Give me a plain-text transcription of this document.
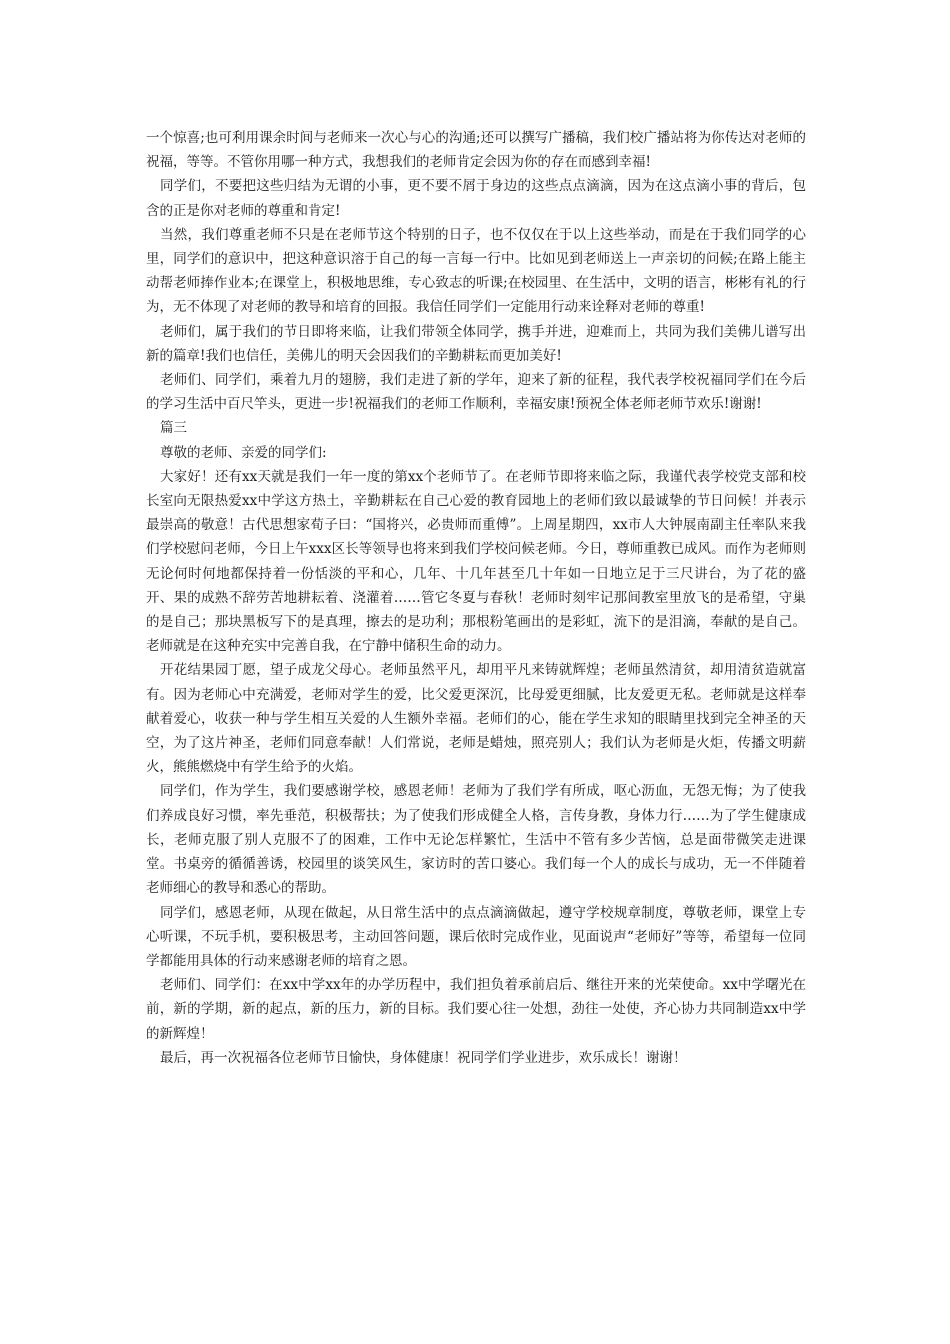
一个惊喜;也可利用课余时间与老师来一次心与心的沟通;还可以撰写广播稿，我们校广播站将为你传达对老师的祝福，等等。不管你用哪一种方式，我想我们的老师肯定会因为你的存在而感到幸福!

同学们，不要把这些归结为无谓的小事，更不要不屑于身边的这些点点滴滴，因为在这点滴小事的背后，包含的正是你对老师的尊重和肯定!

当然，我们尊重老师不只是在老师节这个特别的日子，也不仅仅在于以上这些举动，而是在于我们同学的心里，同学们的意识中，把这种意识溶于自己的每一言每一行中。比如见到老师送上一声亲切的问候;在路上能主动帮老师捧作业本;在课堂上，积极地思维，专心致志的听课;在校园里、在生活中，文明的语言，彬彬有礼的行为，无不体现了对老师的教导和培育的回报。我信任同学们一定能用行动来诠释对老师的尊重!

老师们，属于我们的节日即将来临，让我们带领全体同学，携手并进，迎难而上，共同为我们美佛儿谱写出新的篇章!我们也信任，美佛儿的明天会因我们的辛勤耕耘而更加美好!

老师们、同学们，乘着九月的翅膀，我们走进了新的学年，迎来了新的征程，我代表学校祝福同学们在今后的学习生活中百尺竿头，更进一步!祝福我们的老师工作顺利，幸福安康!预祝全体老师老师节欢乐!谢谢!

篇三

尊敬的老师、亲爱的同学们:

大家好！还有xx天就是我们一年一度的第xx个老师节了。在老师节即将来临之际，我谨代表学校党支部和校长室向无限热爱xx中学这方热土，辛勤耕耘在自己心爱的教育园地上的老师们致以最诚挚的节日问候！并表示最崇高的敬意！古代思想家荀子曰：“国将兴，必贵师而重傅”。上周星期四，xx市人大钟展南副主任率队来我们学校慰问老师，今日上午xxx区长等领导也将来到我们学校问候老师。今日，尊师重教已成风。而作为老师则无论何时何地都保持着一份恬淡的平和心，几年、十几年甚至几十年如一日地立足于三尺讲台，为了花的盛开、果的成熟不辞劳苦地耕耘着、浇灌着……管它冬夏与春秋！老师时刻牢记那间教室里放飞的是希望，守巢的是自己；那块黑板写下的是真理，擦去的是功利；那根粉笔画出的是彩虹，流下的是泪滴，奉献的是自己。老师就是在这种充实中完善自我，在宁静中储积生命的动力。

开花结果园丁愿，望子成龙父母心。老师虽然平凡，却用平凡来铸就辉煌；老师虽然清贫，却用清贫造就富有。因为老师心中充满爱，老师对学生的爱，比父爱更深沉，比母爱更细腻，比友爱更无私。老师就是这样奉献着爱心，收获一种与学生相互关爱的人生额外幸福。老师们的心，能在学生求知的眼睛里找到完全神圣的天空，为了这片神圣，老师们同意奉献！人们常说，老师是蜡烛，照亮别人；我们认为老师是火炬，传播文明薪火，熊熊燃烧中有学生给予的火焰。

同学们，作为学生，我们要感谢学校，感恩老师！老师为了我们学有所成，呕心沥血，无怨无悔；为了使我们养成良好习惯，率先垂范，积极帮扶；为了使我们形成健全人格，言传身教，身体力行……为了学生健康成长，老师克服了别人克服不了的困难，工作中无论怎样繁忙，生活中不管有多少苦恼，总是面带微笑走进课堂。书桌旁的循循善诱，校园里的谈笑风生，家访时的苦口婆心。我们每一个人的成长与成功，无一不伴随着老师细心的教导和悉心的帮助。

同学们，感恩老师，从现在做起，从日常生活中的点点滴滴做起，遵守学校规章制度，尊敬老师，课堂上专心听课，不玩手机，要积极思考，主动回答问题，课后依时完成作业，见面说声“老师好”等等，希望每一位同学都能用具体的行动来感谢老师的培育之恩。

老师们、同学们：在xx中学xx年的办学历程中，我们担负着承前启后、继往开来的光荣使命。xx中学曙光在前，新的学期，新的起点，新的压力，新的目标。我们要心往一处想，劲往一处使，齐心协力共同制造xx中学的新辉煌！

最后，再一次祝福各位老师节日愉快，身体健康！祝同学们学业进步，欢乐成长！谢谢！
